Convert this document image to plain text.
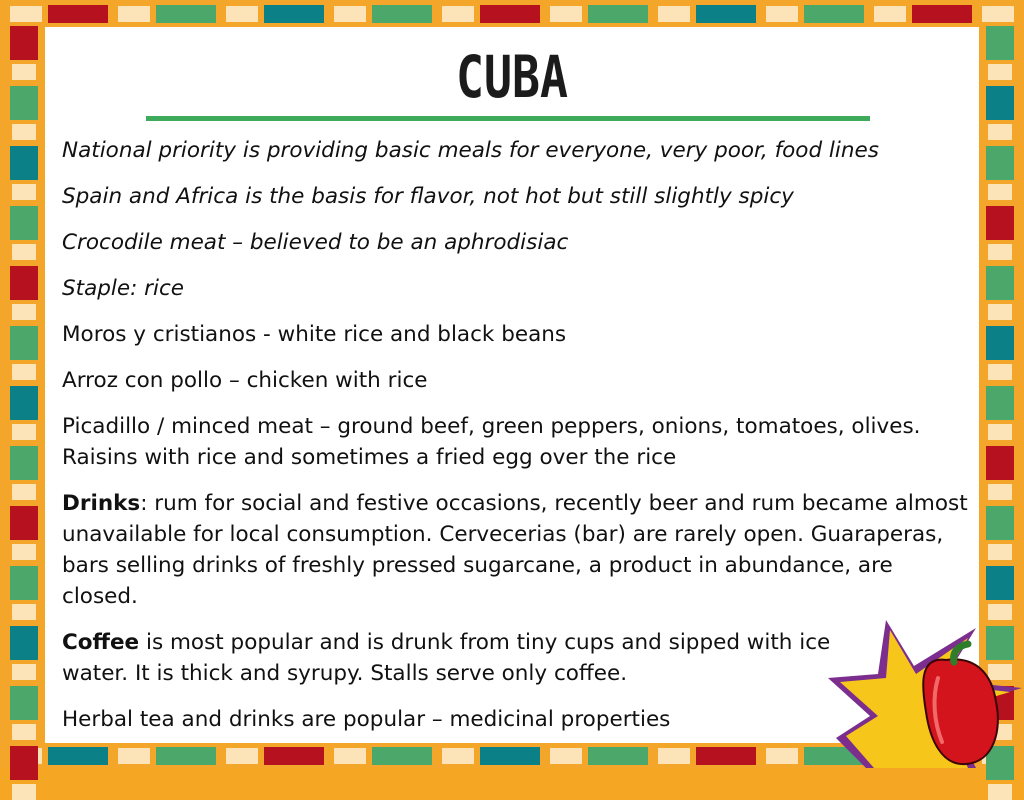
CUBA

National priority is providing basic meals for everyone, very poor, food lines

Spain and Africa is the basis for flavor, not hot but still slightly spicy

Crocodile meat – believed to be an aphrodisiac

Staple: rice

Moros y cristianos - white rice and black beans

Arroz con pollo – chicken with rice

Picadillo / minced meat – ground beef, green peppers, onions, tomatoes, olives. Raisins with rice and sometimes a fried egg over the rice

Drinks: rum for social and festive occasions, recently beer and rum became almost unavailable for local consumption. Cervecerias (bar) are rarely open. Guaraperas, bars selling drinks of freshly pressed sugarcane, a product in abundance, are closed.

Coffee is most popular and is drunk from tiny cups and sipped with ice water. It is thick and syrupy. Stalls serve only coffee.

Herbal tea and drinks are popular – medicinal properties
